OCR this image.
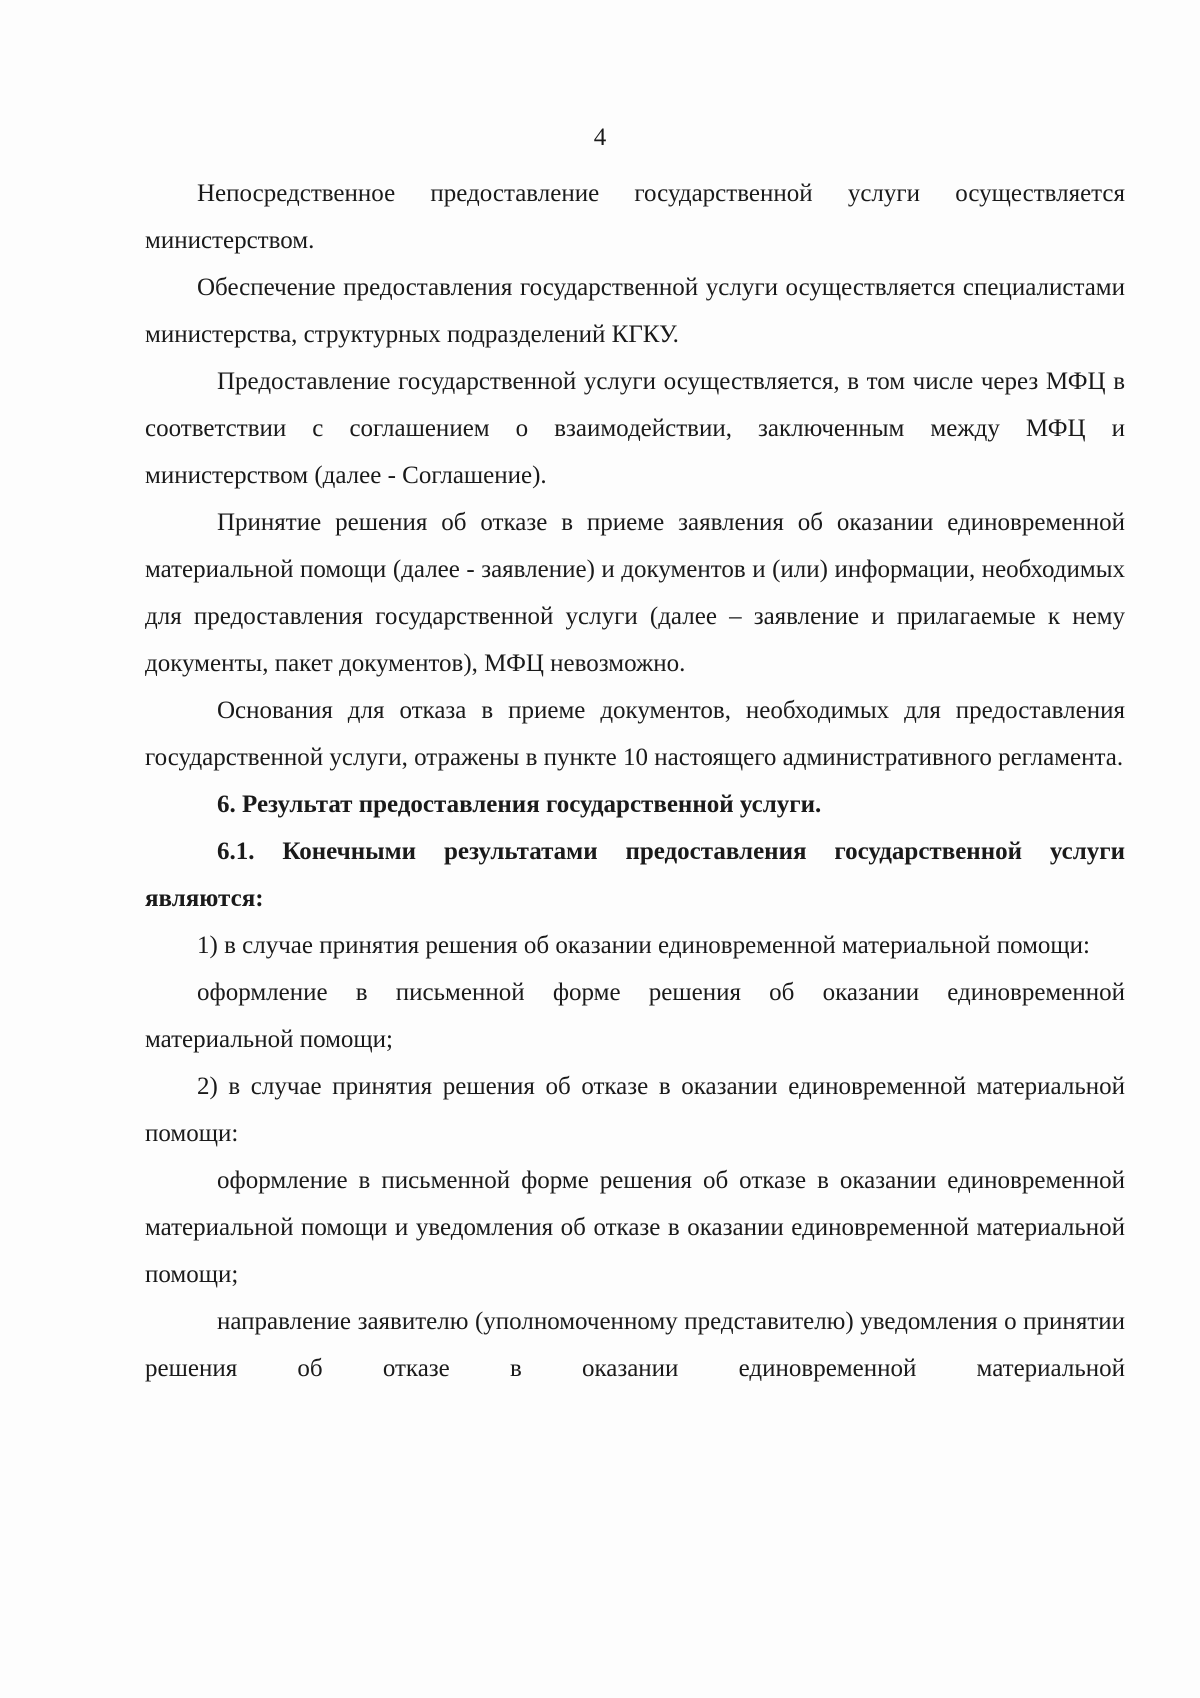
4

Непосредственное предоставление государственной услуги осуществляется министерством.

Обеспечение предоставления государственной услуги осуществляется специалистами министерства, структурных подразделений КГКУ.

Предоставление государственной услуги осуществляется, в том числе через МФЦ в соответствии с соглашением о взаимодействии, заключенным между МФЦ и министерством (далее - Соглашение).

Принятие решения об отказе в приеме заявления об оказании единовременной материальной помощи (далее - заявление) и документов и (или) информации, необходимых для предоставления государственной услуги (далее – заявление и прилагаемые к нему документы, пакет документов), МФЦ невозможно.

Основания для отказа в приеме документов, необходимых для предоставления государственной услуги, отражены в пункте 10 настоящего административного регламента.

6. Результат предоставления государственной услуги.

6.1. Конечными результатами предоставления государственной услуги являются:

1) в случае принятия решения об оказании единовременной материальной помощи:

оформление в письменной форме решения об оказании единовременной материальной помощи;

2) в случае принятия решения об отказе в оказании единовременной материальной помощи:

оформление в письменной форме решения об отказе в оказании единовременной материальной помощи и уведомления об отказе в оказании единовременной материальной помощи;

направление заявителю (уполномоченному представителю) уведомления о принятии решения об отказе в оказании единовременной материальной
